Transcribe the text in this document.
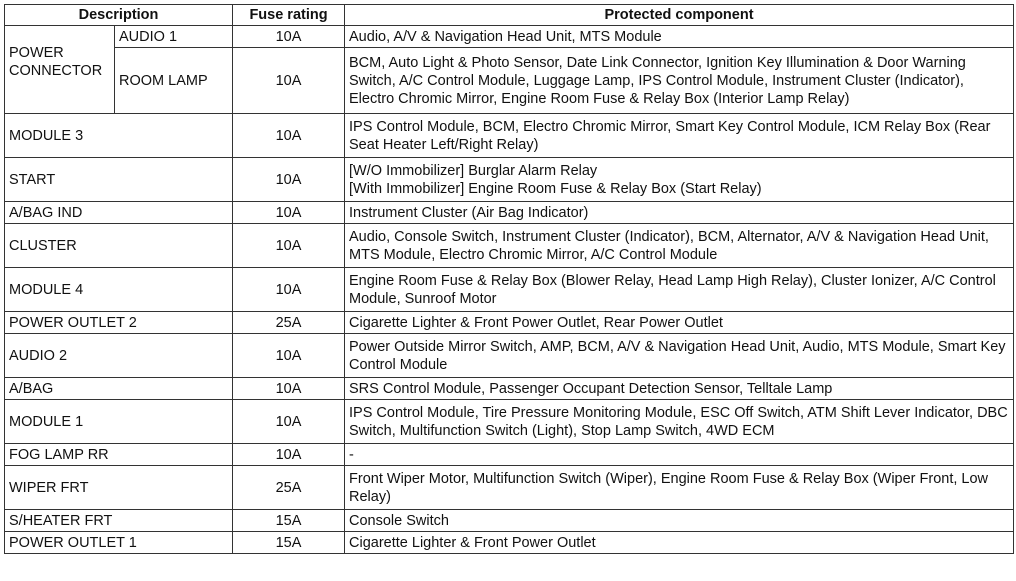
Description		Fuse rating	Protected component
POWER CONNECTOR	AUDIO 1	10A	Audio, A/V & Navigation Head Unit, MTS Module
	ROOM LAMP	10A	BCM, Auto Light & Photo Sensor, Date Link Connector, Ignition Key Illumination & Door Warning Switch, A/C Control Module, Luggage Lamp, IPS Control Module, Instrument Cluster (Indicator), Electro Chromic Mirror, Engine Room Fuse & Relay Box (Interior Lamp Relay)
MODULE 3		10A	IPS Control Module, BCM, Electro Chromic Mirror, Smart Key Control Module, ICM Relay Box (Rear Seat Heater Left/Right Relay)
START		10A	[W/O Immobilizer] Burglar Alarm Relay
[With Immobilizer] Engine Room Fuse & Relay Box (Start Relay)

A/BAG IND		10A	Instrument Cluster (Air Bag Indicator)
CLUSTER		10A	Audio, Console Switch, Instrument Cluster (Indicator), BCM, Alternator, A/V & Navigation Head Unit, MTS Module, Electro Chromic Mirror, A/C Control Module
MODULE 4		10A	Engine Room Fuse & Relay Box (Blower Relay, Head Lamp High Relay), Cluster Ionizer, A/C Control Module, Sunroof Motor
POWER OUTLET 2		25A	Cigarette Lighter & Front Power Outlet, Rear Power Outlet
AUDIO 2		10A	Power Outside Mirror Switch, AMP, BCM, A/V & Navigation Head Unit, Audio, MTS Module, Smart Key Control Module
A/BAG		10A	SRS Control Module, Passenger Occupant Detection Sensor, Telltale Lamp
MODULE 1		10A	IPS Control Module, Tire Pressure Monitoring Module, ESC Off Switch, ATM Shift Lever Indicator, DBC Switch, Multifunction Switch (Light), Stop Lamp Switch, 4WD ECM
FOG LAMP RR		10A	-
WIPER FRT		25A	Front Wiper Motor, Multifunction Switch (Wiper), Engine Room Fuse & Relay Box (Wiper Front, Low Relay)
S/HEATER FRT		15A	Console Switch
POWER OUTLET 1		15A	Cigarette Lighter & Front Power Outlet
